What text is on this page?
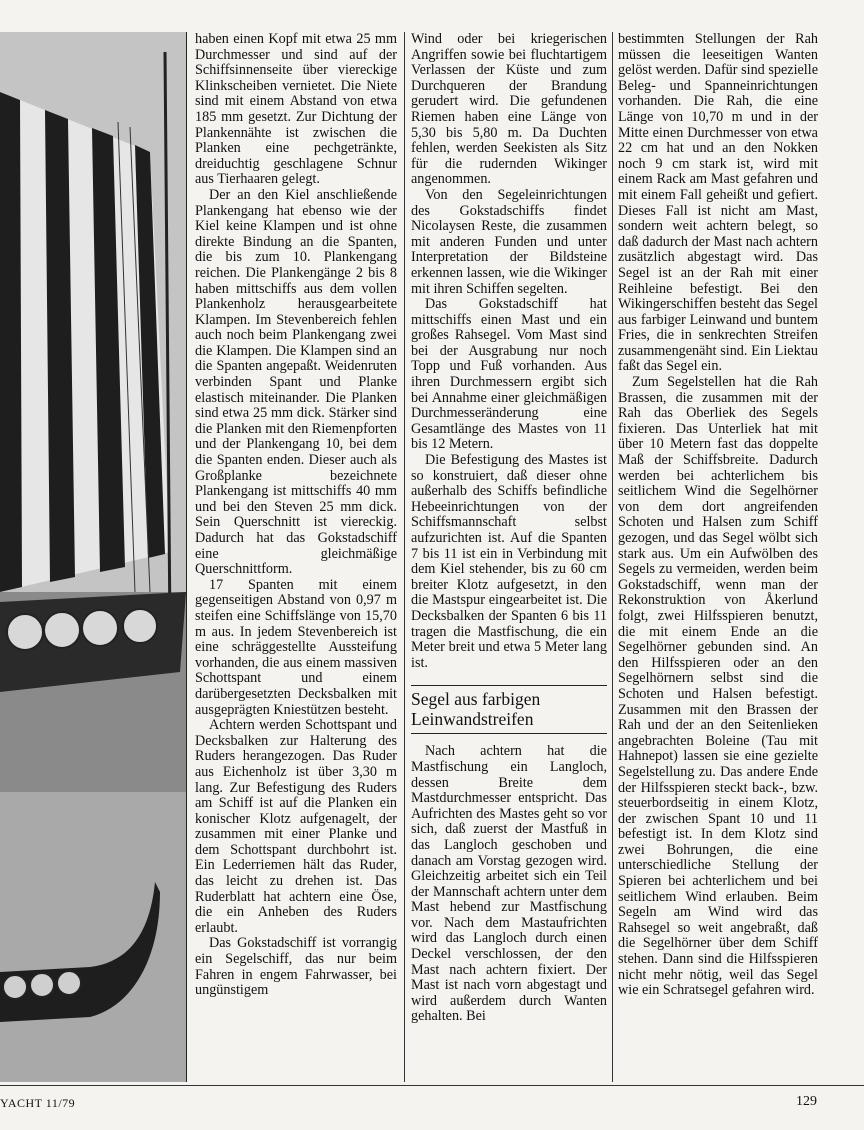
haben einen Kopf mit etwa 25 mm Durchmesser und sind auf der Schiffsinnenseite über viereckige Klinkscheiben vernietet. Die Niete sind mit einem Abstand von etwa 185 mm gesetzt. Zur Dichtung der Plankennähte ist zwischen die Planken eine pechgetränkte, dreiduchtig geschlagene Schnur aus Tierhaaren gelegt.

Der an den Kiel anschließende Plankengang hat ebenso wie der Kiel keine Klampen und ist ohne direkte Bindung an die Spanten, die bis zum 10. Plankengang reichen. Die Plankengänge 2 bis 8 haben mittschiffs aus dem vollen Plankenholz herausgearbeitete Klampen. Im Stevenbereich fehlen auch noch beim Plankengang zwei die Klampen. Die Klampen sind an die Spanten angepaßt. Weidenruten verbinden Spant und Planke elastisch miteinander. Die Planken sind etwa 25 mm dick. Stärker sind die Planken mit den Riemenpforten und der Plankengang 10, bei dem die Spanten enden. Dieser auch als Großplanke bezeichnete Plankengang ist mittschiffs 40 mm und bei den Steven 25 mm dick. Sein Querschnitt ist viereckig. Dadurch hat das Gokstadschiff eine gleichmäßige Querschnittform.

17 Spanten mit einem gegenseitigen Abstand von 0,97 m steifen eine Schiffslänge von 15,70 m aus. In jedem Stevenbereich ist eine schräggestellte Aussteifung vorhanden, die aus einem massiven Schottspant und einem darübergesetzten Decksbalken mit ausgeprägten Kniestützen besteht.

Achtern werden Schottspant und Decksbalken zur Halterung des Ruders herangezogen. Das Ruder aus Eichenholz ist über 3,30 m lang. Zur Befestigung des Ruders am Schiff ist auf die Planken ein konischer Klotz aufgenagelt, der zusammen mit einer Planke und dem Schottspant durchbohrt ist. Ein Lederriemen hält das Ruder, das leicht zu drehen ist. Das Ruderblatt hat achtern eine Öse, die ein Anheben des Ruders erlaubt.

Das Gokstadschiff ist vorrangig ein Segelschiff, das nur beim Fahren in engem Fahrwasser, bei ungünstigem

Wind oder bei kriegerischen Angriffen sowie bei fluchtartigem Verlassen der Küste und zum Durchqueren der Brandung gerudert wird. Die gefundenen Riemen haben eine Länge von 5,30 bis 5,80 m. Da Duchten fehlen, werden Seekisten als Sitz für die rudernden Wikinger angenommen.

Von den Segeleinrichtungen des Gokstadschiffs findet Nicolaysen Reste, die zusammen mit anderen Funden und unter Interpretation der Bildsteine erkennen lassen, wie die Wikinger mit ihren Schiffen segelten.

Das Gokstadschiff hat mittschiffs einen Mast und ein großes Rahsegel. Vom Mast sind bei der Ausgrabung nur noch Topp und Fuß vorhanden. Aus ihren Durchmessern ergibt sich bei Annahme einer gleichmäßigen Durchmesseränderung eine Gesamtlänge des Mastes von 11 bis 12 Metern.

Die Befestigung des Mastes ist so konstruiert, daß dieser ohne außerhalb des Schiffs befindliche Hebeeinrichtungen von der Schiffsmannschaft selbst aufzurichten ist. Auf die Spanten 7 bis 11 ist ein in Verbindung mit dem Kiel stehender, bis zu 60 cm breiter Klotz aufgesetzt, in den die Mastspur eingearbeitet ist. Die Decksbalken der Spanten 6 bis 11 tragen die Mastfischung, die ein Meter breit und etwa 5 Meter lang ist.

Segel aus farbigen Leinwandstreifen

Nach achtern hat die Mastfischung ein Langloch, dessen Breite dem Mastdurchmesser entspricht. Das Aufrichten des Mastes geht so vor sich, daß zuerst der Mastfuß in das Langloch geschoben und danach am Vorstag gezogen wird. Gleichzeitig arbeitet sich ein Teil der Mannschaft achtern unter dem Mast hebend zur Mastfischung vor. Nach dem Mastaufrichten wird das Langloch durch einen Deckel verschlossen, der den Mast nach achtern fixiert. Der Mast ist nach vorn abgestagt und wird außerdem durch Wanten gehalten. Bei

bestimmten Stellungen der Rah müssen die leeseitigen Wanten gelöst werden. Dafür sind spezielle Beleg- und Spanneinrichtungen vorhanden. Die Rah, die eine Länge von 10,70 m und in der Mitte einen Durchmesser von etwa 22 cm hat und an den Nokken noch 9 cm stark ist, wird mit einem Rack am Mast gefahren und mit einem Fall geheißt und gefiert. Dieses Fall ist nicht am Mast, sondern weit achtern belegt, so daß dadurch der Mast nach achtern zusätzlich abgestagt wird. Das Segel ist an der Rah mit einer Reihleine befestigt. Bei den Wikingerschiffen besteht das Segel aus farbiger Leinwand und buntem Fries, die in senkrechten Streifen zusammengenäht sind. Ein Liektau faßt das Segel ein.

Zum Segelstellen hat die Rah Brassen, die zusammen mit der Rah das Oberliek des Segels fixieren. Das Unterliek hat mit über 10 Metern fast das doppelte Maß der Schiffsbreite. Dadurch werden bei achterlichem bis seitlichem Wind die Segelhörner von dem dort angreifenden Schoten und Halsen zum Schiff gezogen, und das Segel wölbt sich stark aus. Um ein Aufwölben des Segels zu vermeiden, werden beim Gokstadschiff, wenn man der Rekonstruktion von Åkerlund folgt, zwei Hilfsspieren benutzt, die mit einem Ende an die Segelhörner gebunden sind. An den Hilfsspieren oder an den Segelhörnern selbst sind die Schoten und Halsen befestigt. Zusammen mit den Brassen der Rah und der an den Seitenlieken angebrachten Boleine (Tau mit Hahnepot) lassen sie eine gezielte Segelstellung zu. Das andere Ende der Hilfsspieren steckt back-, bzw. steuerbordseitig in einem Klotz, der zwischen Spant 10 und 11 befestigt ist. In dem Klotz sind zwei Bohrungen, die eine unterschiedliche Stellung der Spieren bei achterlichem und bei seitlichem Wind erlauben. Beim Segeln am Wind wird das Rahsegel so weit angebraßt, daß die Segelhörner über dem Schiff stehen. Dann sind die Hilfsspieren nicht mehr nötig, weil das Segel wie ein Schratsegel gefahren wird.

YACHT 11/79	129
